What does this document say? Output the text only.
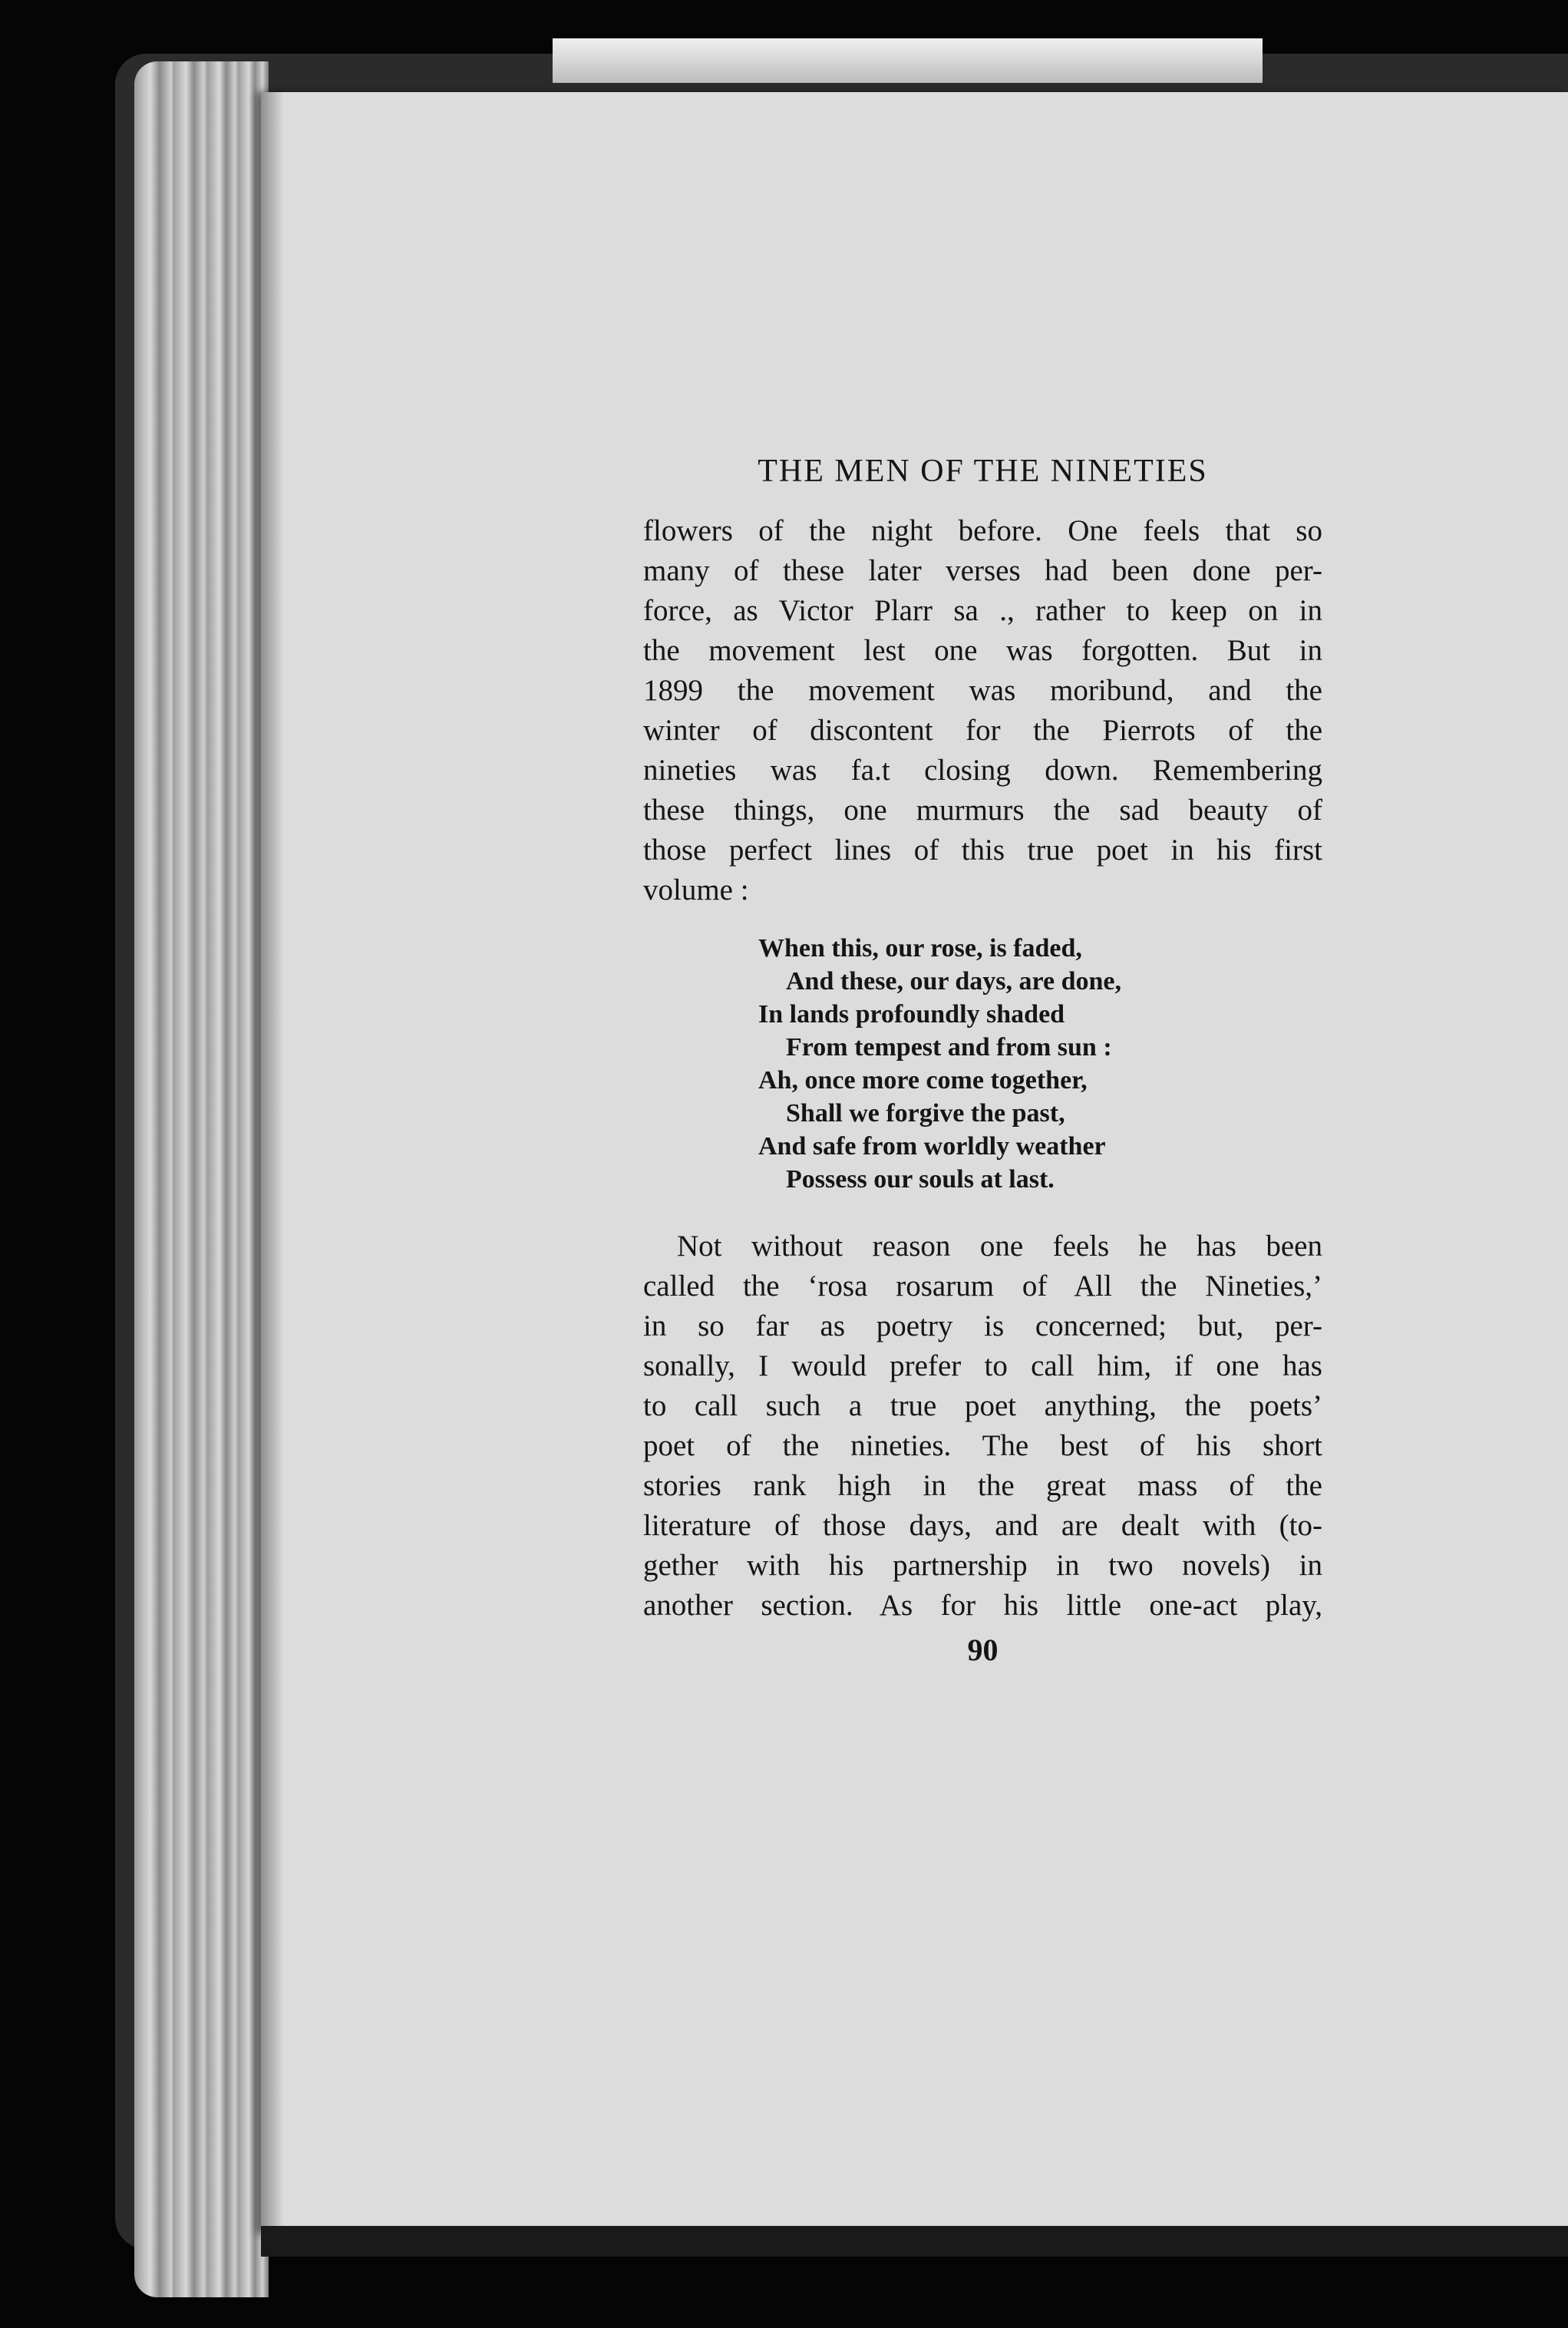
THE MEN OF THE NINETIES

flowers of the night before. One feels that so
many of these later verses had been done per-
force, as Victor Plarr sa ., rather to keep on in
the movement lest one was forgotten. But in
1899 the movement was moribund, and the
winter of discontent for the Pierrots of the
nineties was fa.t closing down. Remembering
these things, one murmurs the sad beauty of
those perfect lines of this true poet in his first
volume :

When this, our rose, is faded,
And these, our days, are done,
In lands profoundly shaded
From tempest and from sun :
Ah, once more come together,
Shall we forgive the past,
And safe from worldly weather
Possess our souls at last.

Not without reason one feels he has been
called the ‘rosa rosarum of All the Nineties,’
in so far as poetry is concerned; but, per-
sonally, I would prefer to call him, if one has
to call such a true poet anything, the poets’
poet of the nineties. The best of his short
stories rank high in the great mass of the
literature of those days, and are dealt with (to-
gether with his partnership in two novels) in
another section. As for his little one-act play,

90
